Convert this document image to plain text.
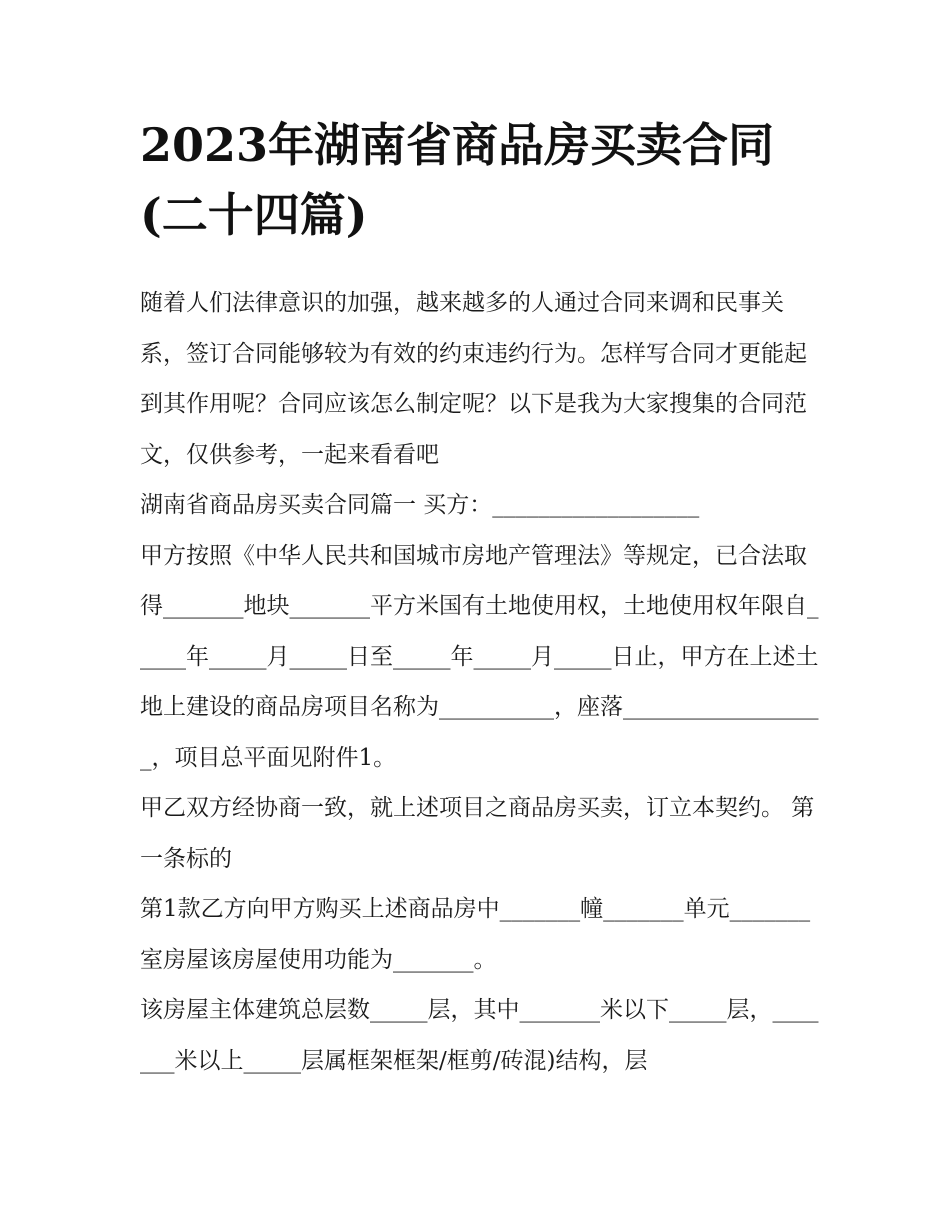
2023年湖南省商品房买卖合同(二十四篇)

随着人们法律意识的加强，越来越多的人通过合同来调和民事关系，签订合同能够较为有效的约束违约行为。怎样写合同才更能起到其作用呢？合同应该怎么制定呢？以下是我为大家搜集的合同范文，仅供参考，一起来看看吧

湖南省商品房买卖合同篇一 买方：__________________

甲方按照《中华人民共和国城市房地产管理法》等规定，已合法取得_______地块_______平方米国有土地使用权，土地使用权年限自_____年_____月_____日至_____年_____月_____日止，甲方在上述土地上建设的商品房项目名称为__________，座落__________________，项目总平面见附件1。

甲乙双方经协商一致，就上述项目之商品房买卖，订立本契约。 第一条标的

第1款乙方向甲方购买上述商品房中_______幢_______单元_______室房屋该房屋使用功能为_______。

该房屋主体建筑总层数_____层，其中_______米以下_____层，_______米以上_____层属框架框架/框剪/砖混)结构，层
